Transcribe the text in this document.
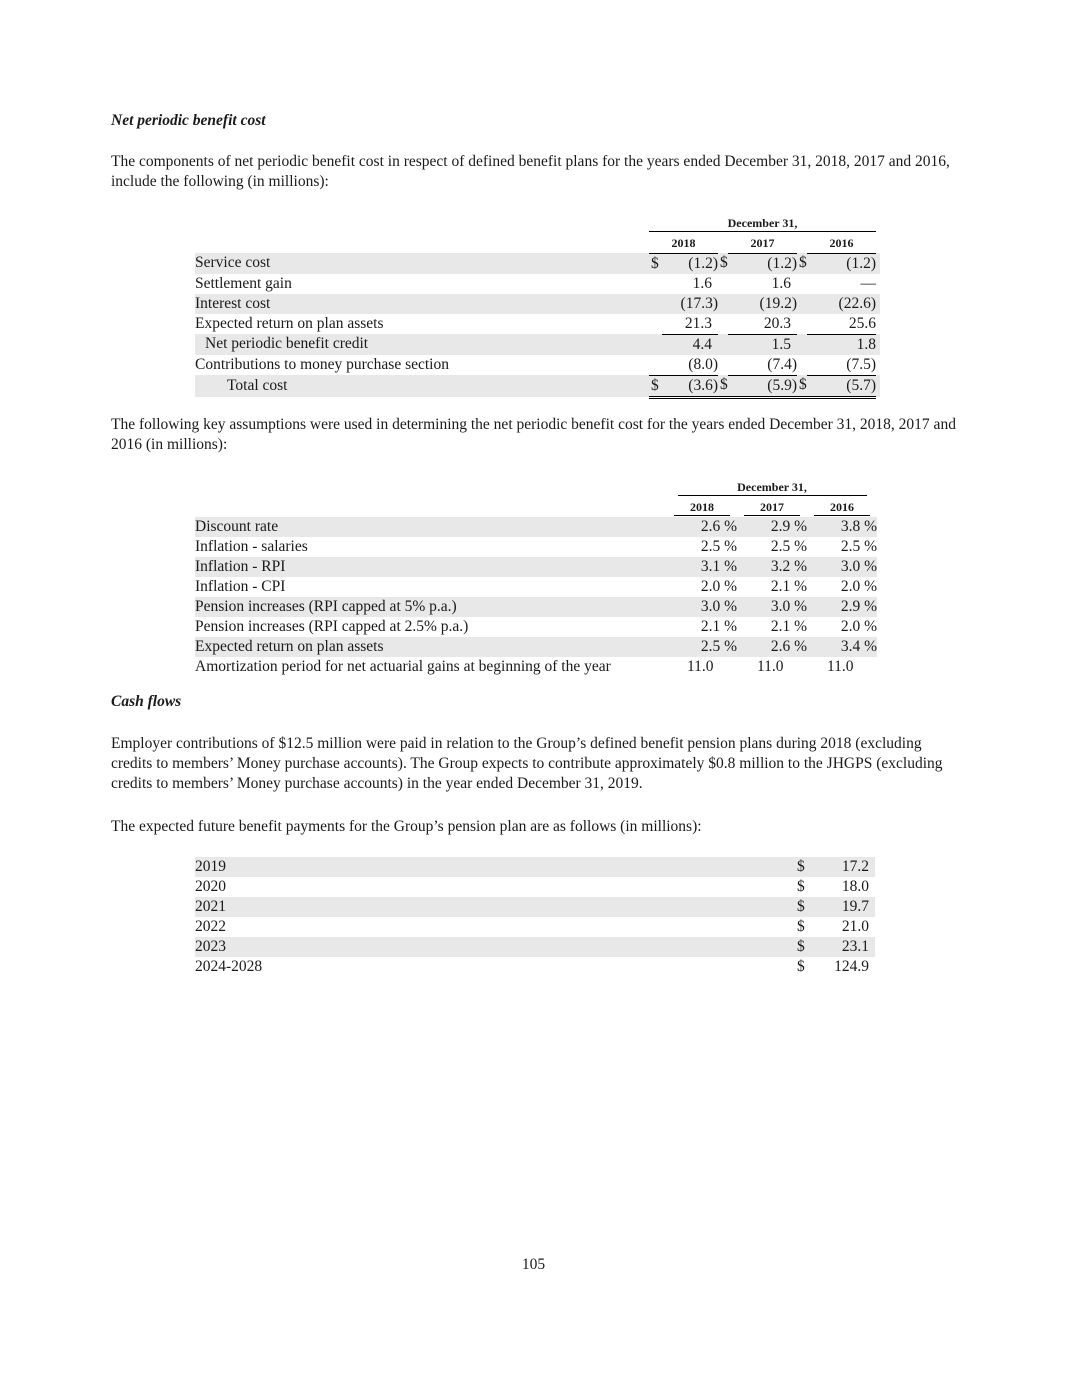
Net periodic benefit cost
The components of net periodic benefit cost in respect of defined benefit plans for the years ended December 31, 2018, 2017 and 2016, include the following (in millions):
	December 31,								
	2018			2017			2016		
Service cost	$	(1.2)	$		(1.2)	$		(1.2)	
Settlement gain		1.6			1.6			—	
Interest cost		(17.3)			(19.2)			(22.6)	
Expected return on plan assets		21.3			20.3			25.6	
Net periodic benefit credit		4.4			1.5			1.8	
Contributions to money purchase section		(8.0)			(7.4)			(7.5)	
Total cost	$	(3.6)	$		(5.9)	$		(5.7)	
The following key assumptions were used in determining the net periodic benefit cost for the years ended December 31, 2018, 2017 and 2016 (in millions):
	December 31,		
	2018	2017	2016
Discount rate	2.6 %	2.9 %	3.8 %
Inflation - salaries	2.5 %	2.5 %	2.5 %
Inflation - RPI	3.1 %	3.2 %	3.0 %
Inflation - CPI	2.0 %	2.1 %	2.0 %
Pension increases (RPI capped at 5% p.a.)	3.0 %	3.0 %	2.9 %
Pension increases (RPI capped at 2.5% p.a.)	2.1 %	2.1 %	2.0 %
Expected return on plan assets	2.5 %	2.6 %	3.4 %
Amortization period for net actuarial gains at beginning of the year	11.0	11.0	11.0
Cash flows
Employer contributions of $12.5 million were paid in relation to the Group’s defined benefit pension plans during 2018 (excluding credits to members’ Money purchase accounts). The Group expects to contribute approximately $0.8 million to the JHGPS (excluding credits to members’ Money purchase accounts) in the year ended December 31, 2019.
The expected future benefit payments for the Group’s pension plan are as follows (in millions):
2019	$	17.2
2020	$	18.0
2021	$	19.7
2022	$	21.0
2023	$	23.1
2024-2028	$	124.9
105
